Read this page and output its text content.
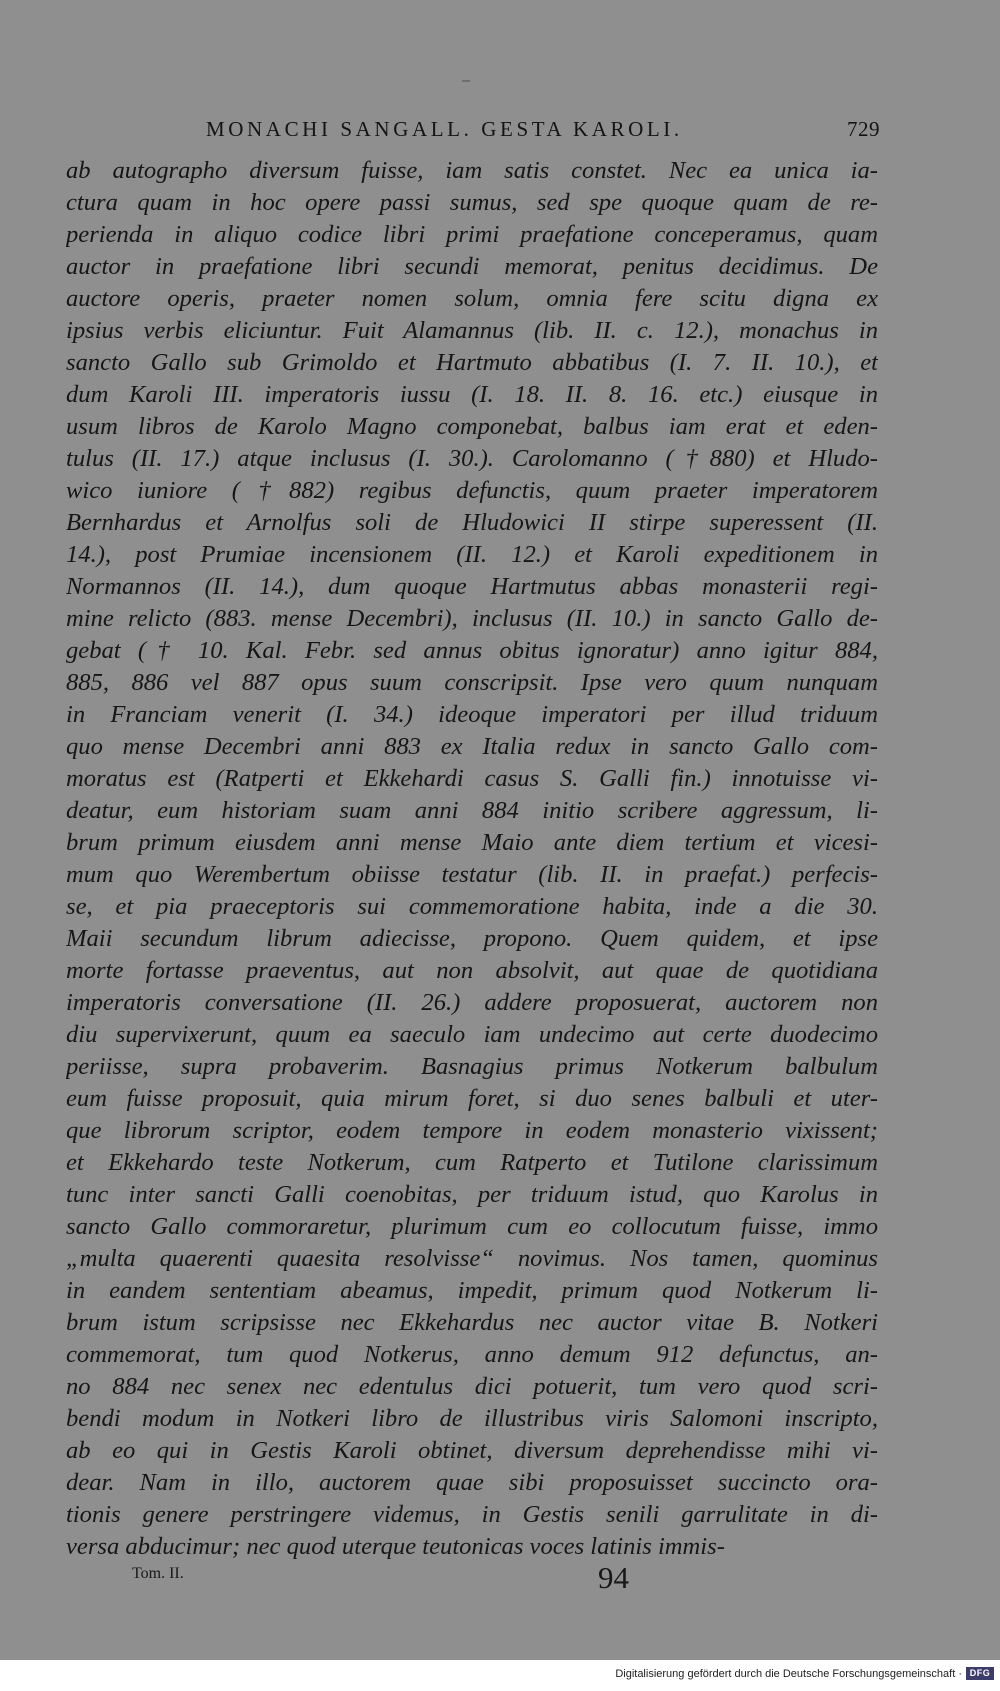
MONACHI SANGALL. GESTA KAROLI.	729
ab autographo diversum fuisse, iam satis constet. Nec ea unica ia-
ctura quam in hoc opere passi sumus, sed spe quoque quam de re-
perienda in aliquo codice libri primi praefatione conceperamus, quam
auctor in praefatione libri secundi memorat, penitus decidimus. De
auctore operis, praeter nomen solum, omnia fere scitu digna ex
ipsius verbis eliciuntur. Fuit Alamannus (lib. II. c. 12.), monachus in
sancto Gallo sub Grimoldo et Hartmuto abbatibus (I. 7. II. 10.), et
dum Karoli III. imperatoris iussu (I. 18. II. 8. 16. etc.) eiusque in
usum libros de Karolo Magno componebat, balbus iam erat et eden-
tulus (II. 17.) atque inclusus (I. 30.). Carolomanno (†880) et Hludo-
wico iuniore (†882) regibus defunctis, quum praeter imperatorem
Bernhardus et Arnolfus soli de Hludowici II stirpe superessent (II.
14.), post Prumiae incensionem (II. 12.) et Karoli expeditionem in
Normannos (II. 14.), dum quoque Hartmutus abbas monasterii regi-
mine relicto (883. mense Decembri), inclusus (II. 10.) in sancto Gallo de-
gebat († 10. Kal. Febr. sed annus obitus ignoratur) anno igitur 884,
885, 886 vel 887 opus suum conscripsit. Ipse vero quum nunquam
in Franciam venerit (I. 34.) ideoque imperatori per illud triduum
quo mense Decembri anni 883 ex Italia redux in sancto Gallo com-
moratus est (Ratperti et Ekkehardi casus S. Galli fin.) innotuisse vi-
deatur, eum historiam suam anni 884 initio scribere aggressum, li-
brum primum eiusdem anni mense Maio ante diem tertium et vicesi-
mum quo Werembertum obiisse testatur (lib. II. in praefat.) perfecis-
se, et pia praeceptoris sui commemoratione habita, inde a die 30.
Maii secundum librum adiecisse, propono. Quem quidem, et ipse
morte fortasse praeventus, aut non absolvit, aut quae de quotidiana
imperatoris conversatione (II. 26.) addere proposuerat, auctorem non
diu supervixerunt, quum ea saeculo iam undecimo aut certe duodecimo
periisse, supra probaverim. Basnagius primus Notkerum balbulum
eum fuisse proposuit, quia mirum foret, si duo senes balbuli et uter-
que librorum scriptor, eodem tempore in eodem monasterio vixissent;
et Ekkehardo teste Notkerum, cum Ratperto et Tutilone clarissimum
tunc inter sancti Galli coenobitas, per triduum istud, quo Karolus in
sancto Gallo commoraretur, plurimum cum eo collocutum fuisse, immo
„multa quaerenti quaesita resolvisse“ novimus. Nos tamen, quominus
in eandem sententiam abeamus, impedit, primum quod Notkerum li-
brum istum scripsisse nec Ekkehardus nec auctor vitae B. Notkeri
commemorat, tum quod Notkerus, anno demum 912 defunctus, an-
no 884 nec senex nec edentulus dici potuerit, tum vero quod scri-
bendi modum in Notkeri libro de illustribus viris Salomoni inscripto,
ab eo qui in Gestis Karoli obtinet, diversum deprehendisse mihi vi-
dear. Nam in illo, auctorem quae sibi proposuisset succincto ora-
tionis genere perstringere videmus, in Gestis senili garrulitate in di-
versa abducimur; nec quod uterque teutonicas voces latinis immis-
Tom. II.	94
Digitalisierung gefördert durch die Deutsche Forschungsgemeinschaft · DFG
